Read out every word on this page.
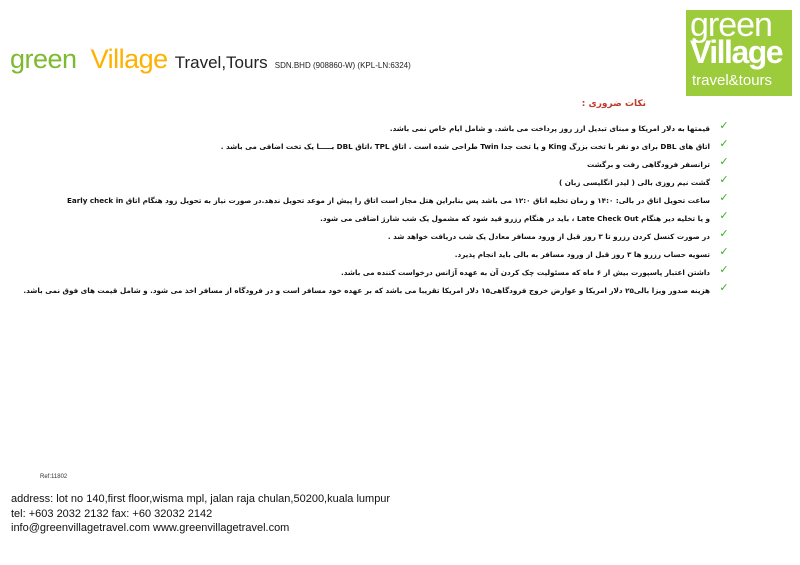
green Village Travel,Tours SDN.BHD (908860-W) (KPL-LN:6324)
green
Village
travel&tours
نکات ضروری :
✓
قیمتها به دلار امریکا و مبنای تبدیل ارز روز پرداخت می باشد. و شامل ایام خاص نمی باشد.
✓
اتاق های DBL برای دو نفر با تخت بزرگ King و یا تخت جدا Twin طراحی شده است . اتاق TPL ،اتاق DBL بـــــا یک تخت اضافی می باشد .
✓
ترانسفر فرودگاهی رفت و برگشت
✓
گشت نیم روزی بالی ( لیدر انگلیسی زبان )
✓
ساعت تحویل اتاق در بالی: ۱۴:۰ و زمان تخلیه اتاق ۱۲:۰ می باشد پس بنابراین هتل مجاز است اتاق را پیش از موعد تحویل ندهد.در صورت نیاز به تحویل زود هنگام اتاق Early check in
✓
و یا تخلیه دیر هنگام Late Check Out ، باید در هنگام رزرو قید شود که مشمول یک شب شارژ اضافی می شود.
✓
در صورت کنسل کردن رزرو تا ۳ روز قبل از ورود مسافر معادل یک شب دریافت خواهد شد .
✓
تسویه حساب رزرو ها ۳ روز قبل از ورود مسافر به بالی باید انجام پذیرد.
✓
داشتن اعتبار پاسپورت بیش از ۶ ماه که مسئولیت چک کردن آن به عهده آژانس درخواست کننده می باشد.
✓
هزینه صدور ویزا بالی۲۵ دلار امریکا و عوارض خروج فرودگاهی۱۵ دلار امریکا تقریبا می باشد که بر عهده خود مسافر است و در فرودگاه از مسافر اخذ می شود. و شامل قیمت های فوق نمی باشد.
Ref:11802
address: lot no 140,first floor,wisma mpl, jalan raja chulan,50200,kuala lumpur
tel: +603 2032 2132 fax: +60 32032 2142
info@greenvillagetravel.com www.greenvillagetravel.com
